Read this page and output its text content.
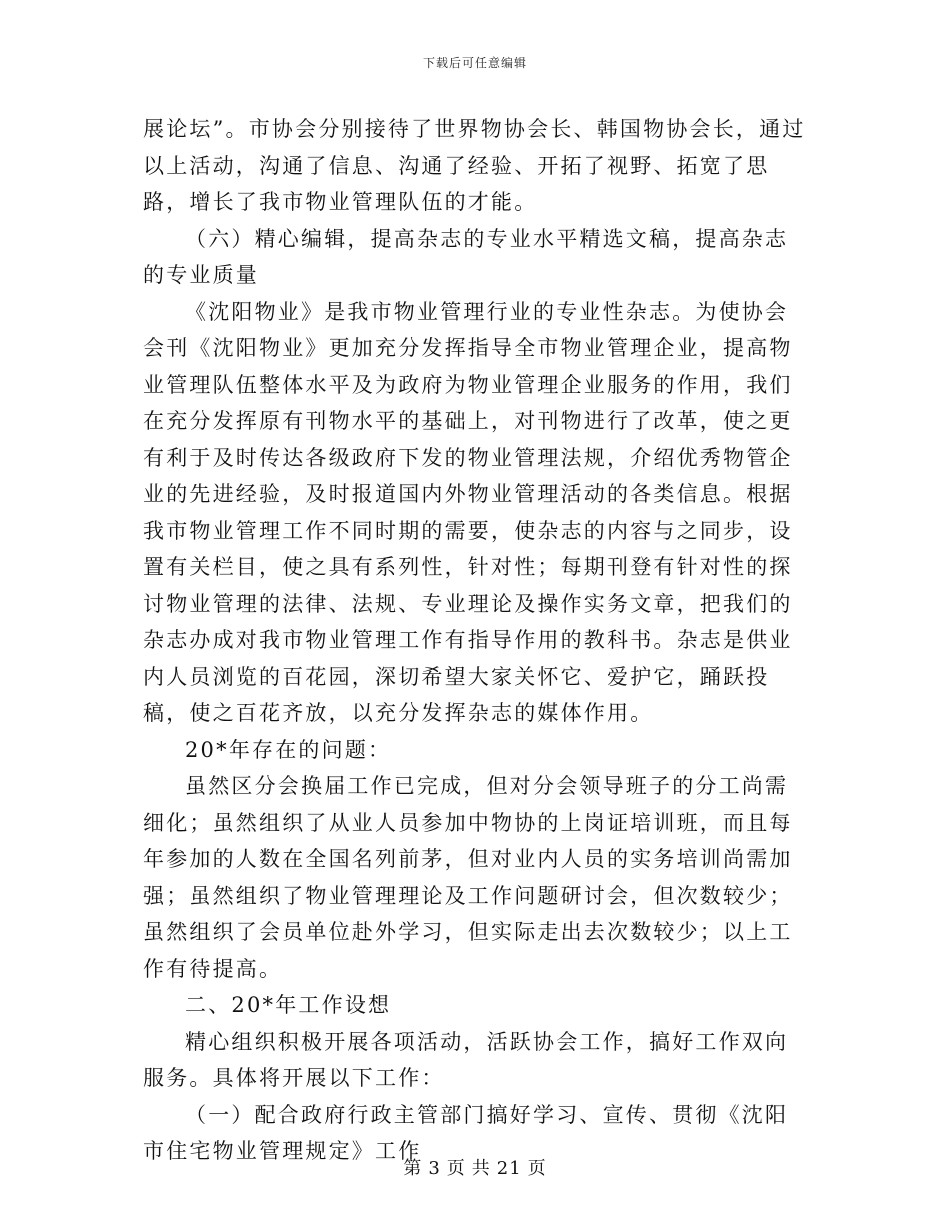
下载后可任意编辑

展论坛”。市协会分别接待了世界物协会长、韩国物协会长，通过以上活动，沟通了信息、沟通了经验、开拓了视野、拓宽了思路，增长了我市物业管理队伍的才能。

（六）精心编辑，提高杂志的专业水平精选文稿，提高杂志的专业质量

《沈阳物业》是我市物业管理行业的专业性杂志。为使协会会刊《沈阳物业》更加充分发挥指导全市物业管理企业，提高物业管理队伍整体水平及为政府为物业管理企业服务的作用，我们在充分发挥原有刊物水平的基础上，对刊物进行了改革，使之更有利于及时传达各级政府下发的物业管理法规，介绍优秀物管企业的先进经验，及时报道国内外物业管理活动的各类信息。根据我市物业管理工作不同时期的需要，使杂志的内容与之同步，设置有关栏目，使之具有系列性，针对性；每期刊登有针对性的探讨物业管理的法律、法规、专业理论及操作实务文章，把我们的杂志办成对我市物业管理工作有指导作用的教科书。杂志是供业内人员浏览的百花园，深切希望大家关怀它、爱护它，踊跃投稿，使之百花齐放，以充分发挥杂志的媒体作用。

20*年存在的问题：

虽然区分会换届工作已完成，但对分会领导班子的分工尚需细化；虽然组织了从业人员参加中物协的上岗证培训班，而且每年参加的人数在全国名列前茅，但对业内人员的实务培训尚需加强；虽然组织了物业管理理论及工作问题研讨会，但次数较少；虽然组织了会员单位赴外学习，但实际走出去次数较少；以上工作有待提高。

二、20*年工作设想

精心组织积极开展各项活动，活跃协会工作，搞好工作双向服务。具体将开展以下工作：

（一）配合政府行政主管部门搞好学习、宣传、贯彻《沈阳市住宅物业管理规定》工作

第 3 页 共 21 页
